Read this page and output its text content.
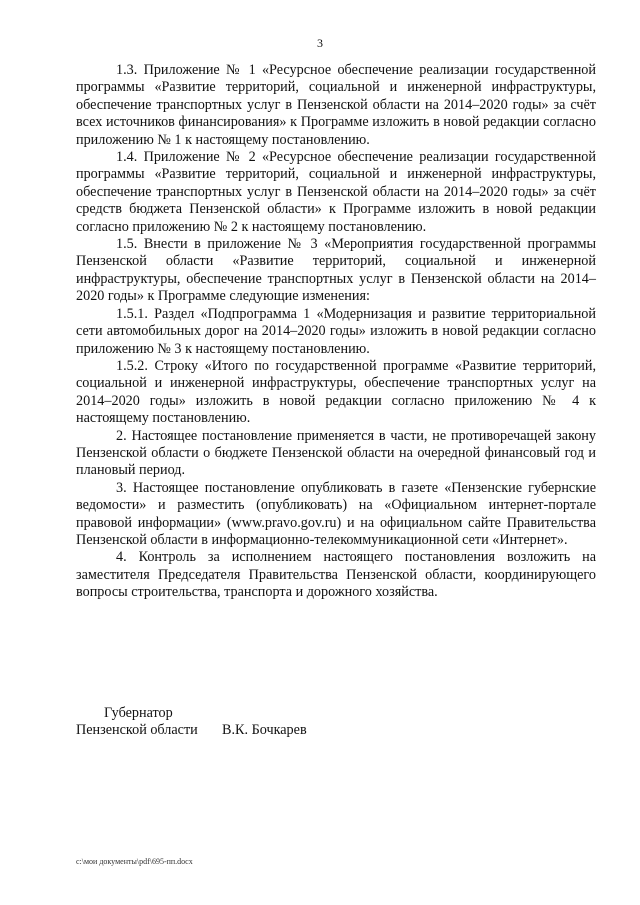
3

1.3. Приложение № 1 «Ресурсное обеспечение реализации государственной программы «Развитие территорий, социальной и инженерной инфраструктуры, обеспечение транспортных услуг в Пензенской области на 2014–2020 годы» за счёт всех источников финансирования» к Программе изложить в новой редакции согласно приложению № 1 к настоящему постановлению.

1.4. Приложение № 2 «Ресурсное обеспечение реализации государственной программы «Развитие территорий, социальной и инженерной инфраструктуры, обеспечение транспортных услуг в Пензенской области на 2014–2020 годы» за счёт средств бюджета Пензенской области» к Программе изложить в новой редакции согласно приложению № 2 к настоящему постановлению.

1.5. Внести в приложение № 3 «Мероприятия государственной программы Пензенской области «Развитие территорий, социальной и инженерной инфраструктуры, обеспечение транспортных услуг в Пензенской области на 2014–2020 годы» к Программе следующие изменения:

1.5.1. Раздел «Подпрограмма 1 «Модернизация и развитие территориальной сети автомобильных дорог на 2014–2020 годы» изложить в новой редакции согласно приложению № 3 к настоящему постановлению.

1.5.2. Строку «Итого по государственной программе «Развитие территорий, социальной и инженерной инфраструктуры, обеспечение транспортных услуг на 2014–2020 годы» изложить в новой редакции согласно приложению № 4 к настоящему постановлению.

2. Настоящее постановление применяется в части, не противоречащей закону Пензенской области о бюджете Пензенской области на очередной финансовый год и плановый период.

3. Настоящее постановление опубликовать в газете «Пензенские губернские ведомости» и разместить (опубликовать) на «Официальном интернет-портале правовой информации» (www.pravo.gov.ru) и на официальном сайте Правительства Пензенской области в информационно-телекоммуникационной сети «Интернет».

4. Контроль за исполнением настоящего постановления возложить на заместителя Председателя Правительства Пензенской области, координирующего вопросы строительства, транспорта и дорожного хозяйства.

Губернатор
Пензенской области В.К. Бочкарев
c:\мои документы\pdf\695-пп.docx
